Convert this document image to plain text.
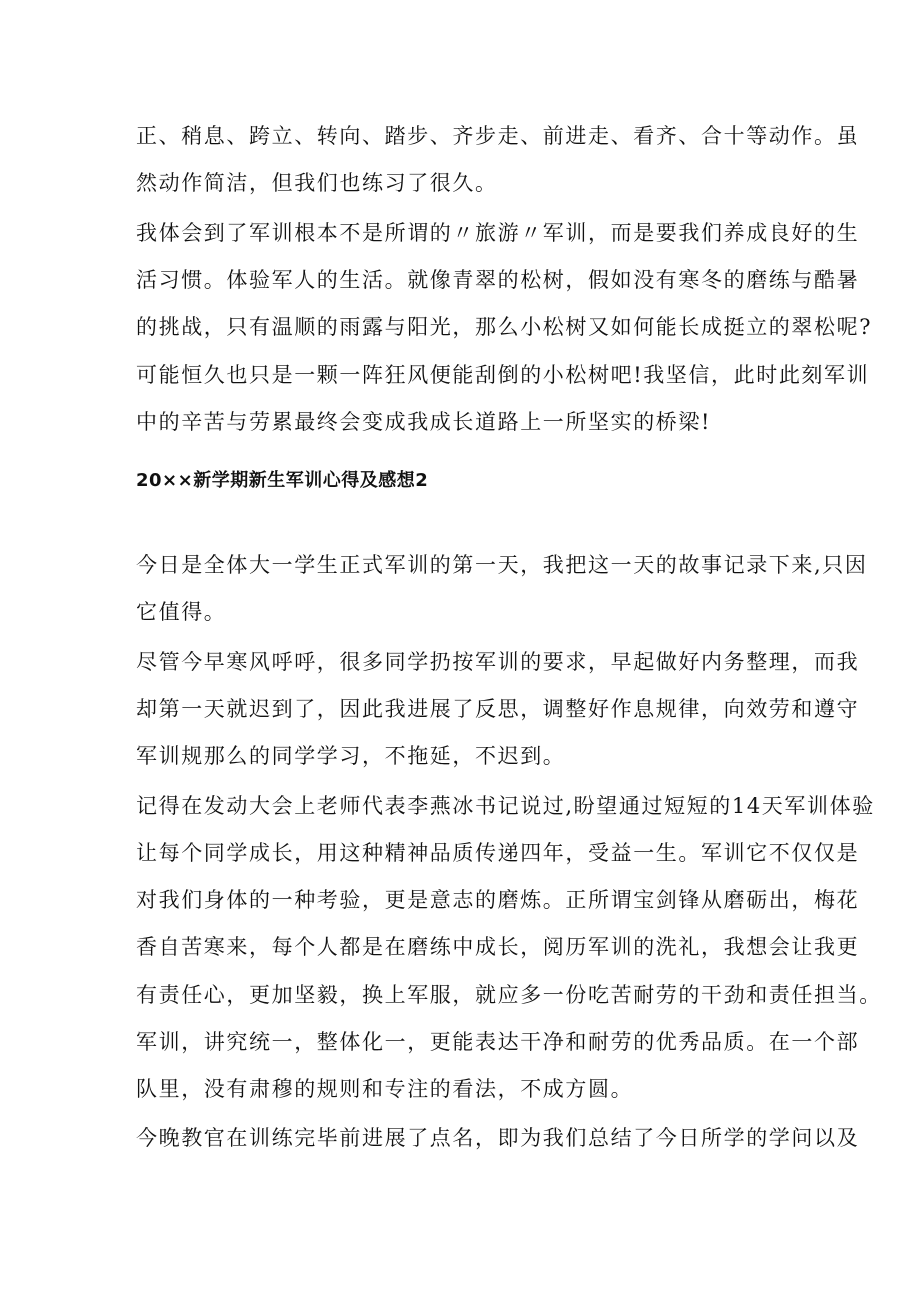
正、稍息、跨立、转向、踏步、齐步走、前进走、看齐、合十等动作。虽
然动作简洁，但我们也练习了很久。
我体会到了军训根本不是所谓的〃旅游〃军训，而是要我们养成良好的生
活习惯。体验军人的生活。就像青翠的松树，假如没有寒冬的磨练与酷暑
的挑战，只有温顺的雨露与阳光，那么小松树又如何能长成挺立的翠松呢?
可能恒久也只是一颗一阵狂风便能刮倒的小松树吧!我坚信，此时此刻军训
中的辛苦与劳累最终会变成我成长道路上一所坚实的桥梁!
20××新学期新生军训心得及感想2
今日是全体大一学生正式军训的第一天，我把这一天的故事记录下来,只因
它值得。
尽管今早寒风呼呼，很多同学扔按军训的要求，早起做好内务整理，而我
却第一天就迟到了，因此我进展了反思，调整好作息规律，向效劳和遵守
军训规那么的同学学习，不拖延，不迟到。
记得在发动大会上老师代表李燕冰书记说过,盼望通过短短的14天军训体验
让每个同学成长，用这种精神品质传递四年，受益一生。军训它不仅仅是
对我们身体的一种考验，更是意志的磨炼。正所谓宝剑锋从磨砺出，梅花
香自苦寒来，每个人都是在磨练中成长，阅历军训的洗礼，我想会让我更
有责任心，更加坚毅，换上军服，就应多一份吃苦耐劳的干劲和责任担当。
军训，讲究统一，整体化一，更能表达干净和耐劳的优秀品质。在一个部
队里，没有肃穆的规则和专注的看法，不成方圆。
今晚教官在训练完毕前进展了点名，即为我们总结了今日所学的学问以及
